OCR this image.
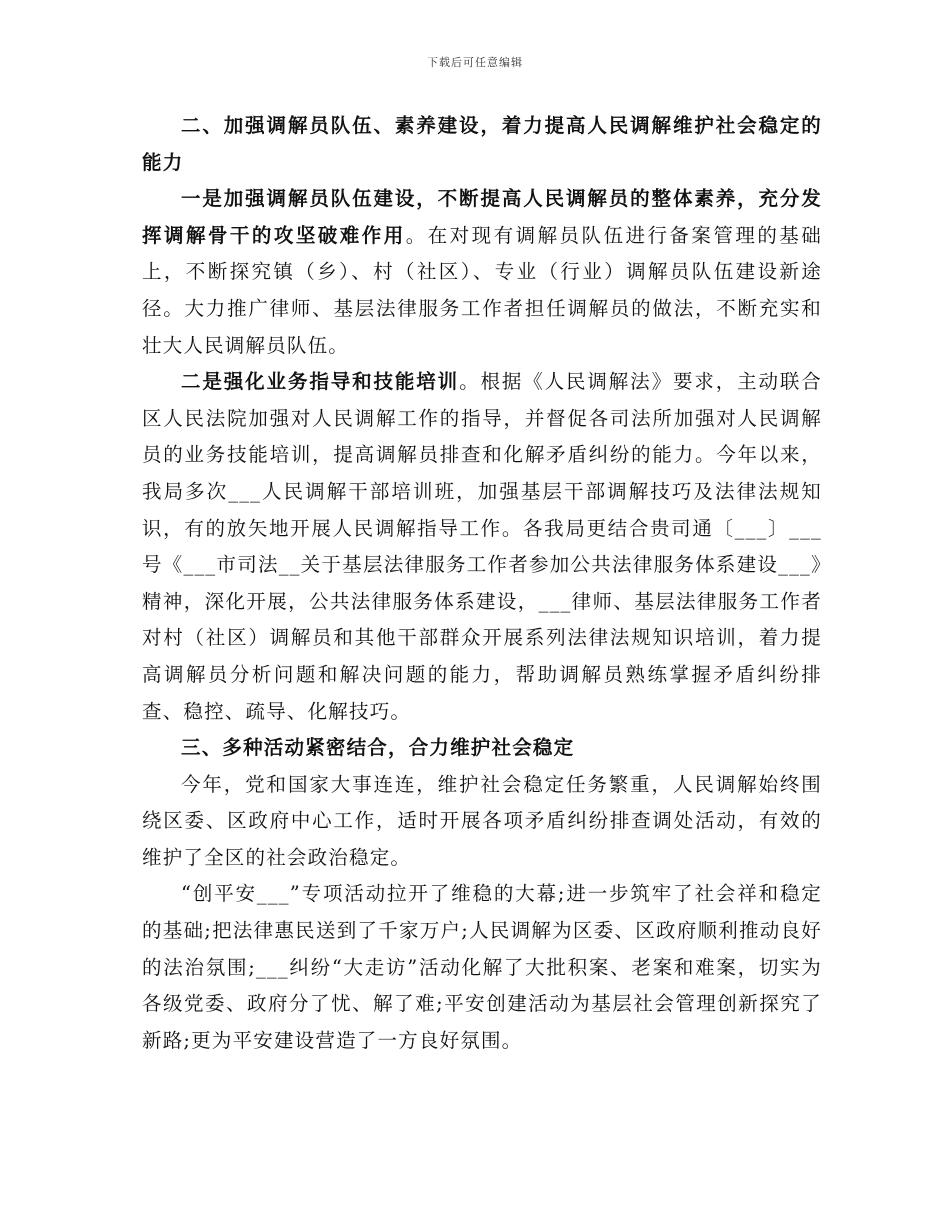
下载后可任意编辑

二、加强调解员队伍、素养建设，着力提高人民调解维护社会稳定的能力

一是加强调解员队伍建设，不断提高人民调解员的整体素养，充分发挥调解骨干的攻坚破难作用。在对现有调解员队伍进行备案管理的基础上，不断探究镇（乡）、村（社区）、专业（行业）调解员队伍建设新途径。大力推广律师、基层法律服务工作者担任调解员的做法，不断充实和壮大人民调解员队伍。

二是强化业务指导和技能培训。根据《人民调解法》要求，主动联合区人民法院加强对人民调解工作的指导，并督促各司法所加强对人民调解员的业务技能培训，提高调解员排查和化解矛盾纠纷的能力。今年以来，我局多次___人民调解干部培训班，加强基层干部调解技巧及法律法规知识，有的放矢地开展人民调解指导工作。各我局更结合贵司通〔___〕___号《___市司法__关于基层法律服务工作者参加公共法律服务体系建设___》精神，深化开展，公共法律服务体系建设，___律师、基层法律服务工作者对村（社区）调解员和其他干部群众开展系列法律法规知识培训，着力提高调解员分析问题和解决问题的能力，帮助调解员熟练掌握矛盾纠纷排查、稳控、疏导、化解技巧。

三、多种活动紧密结合，合力维护社会稳定

今年，党和国家大事连连，维护社会稳定任务繁重，人民调解始终围绕区委、区政府中心工作，适时开展各项矛盾纠纷排查调处活动，有效的维护了全区的社会政治稳定。

“创平安___”专项活动拉开了维稳的大幕;进一步筑牢了社会祥和稳定的基础;把法律惠民送到了千家万户;人民调解为区委、区政府顺利推动良好的法治氛围;___纠纷“大走访”活动化解了大批积案、老案和难案，切实为各级党委、政府分了忧、解了难;平安创建活动为基层社会管理创新探究了新路;更为平安建设营造了一方良好氛围。
